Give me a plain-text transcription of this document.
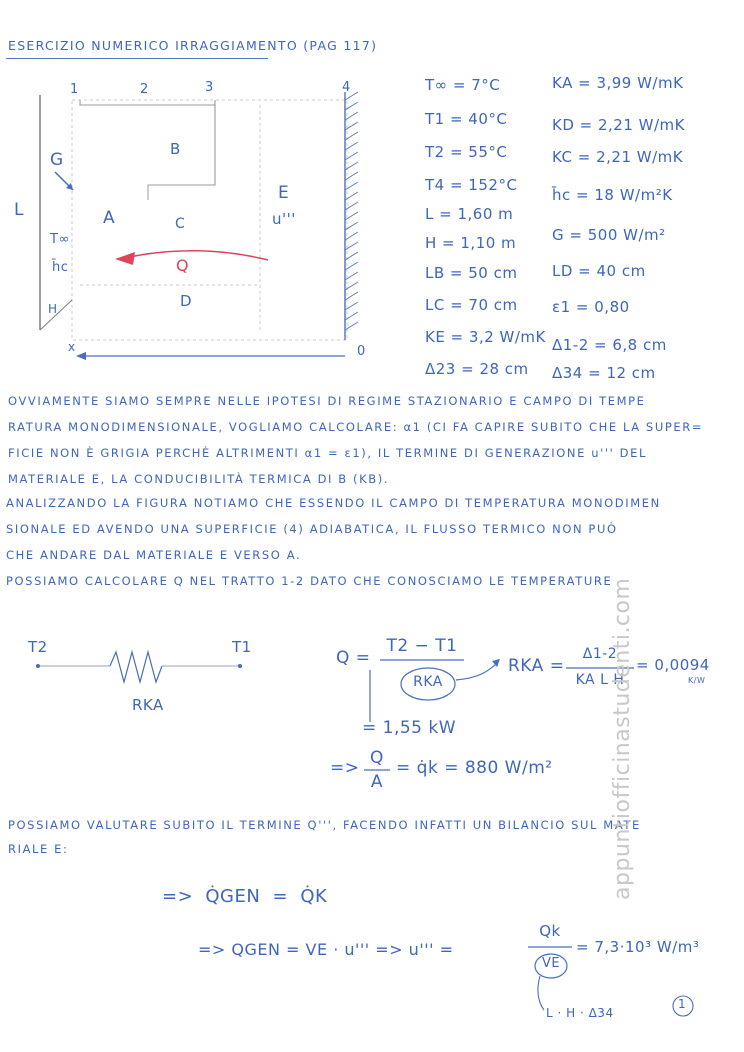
ESERCIZIO NUMERICO IRRAGGIAMENTO (PAG 117)
1	2	3	4
L
G
A
B
C
D
E
u'''
T∞
h̄c
H
Q
x	0
T∞ = 7°C
T1 = 40°C
T2 = 55°C
T4 = 152°C
L = 1,60 m
H = 1,10 m
LB = 50 cm
LC = 70 cm
KE = 3,2 W/mK
Δ23 = 28 cm
KA = 3,99 W/mK
KD = 2,21 W/mK
KC = 2,21 W/mK
h̄c = 18 W/m²K
G = 500 W/m²
LD = 40 cm
ε1 = 0,80
Δ1-2 = 6,8 cm
Δ34 = 12 cm
OVVIAMENTE SIAMO SEMPRE NELLE IPOTESI DI REGIME STAZIONARIO E CAMPO DI TEMPE
RATURA MONODIMENSIONALE, VOGLIAMO CALCOLARE: α1 (CI FA CAPIRE SUBITO CHE LA SUPER=
FICIE NON È GRIGIA PERCHÈ ALTRIMENTI α1 = ε1), IL TERMINE DI GENERAZIONE u''' DEL
MATERIALE E, LA CONDUCIBILITÀ TERMICA DI B (KB).
ANALIZZANDO LA FIGURA NOTIAMO CHE ESSENDO IL CAMPO DI TEMPERATURA MONODIMEN
SIONALE ED AVENDO UNA SUPERFICIE (4) ADIABATICA, IL FLUSSO TERMICO NON PUÒ
CHE ANDARE DAL MATERIALE E VERSO A.
POSSIAMO CALCOLARE Q NEL TRATTO 1-2 DATO CHE CONOSCIAMO LE TEMPERATURE
T2	T1
RKA
Q =
T2 − T1
RKA
= 1,55 kW
RKA =
Δ1-2
KA L H
= 0,0094
K/W
=> Q
A
= q̇k = 880 W/m²
POSSIAMO VALUTARE SUBITO IL TERMINE Q''', FACENDO INFATTI UN BILANCIO SUL MATE
RIALE E:
=> Q̇GEN = Q̇K
=> QGEN = VE · u''' => u''' =
Qk
VE
= 7,3·10³ W/m³
L · H · Δ34
1
appuntiofficinastudenti.com
